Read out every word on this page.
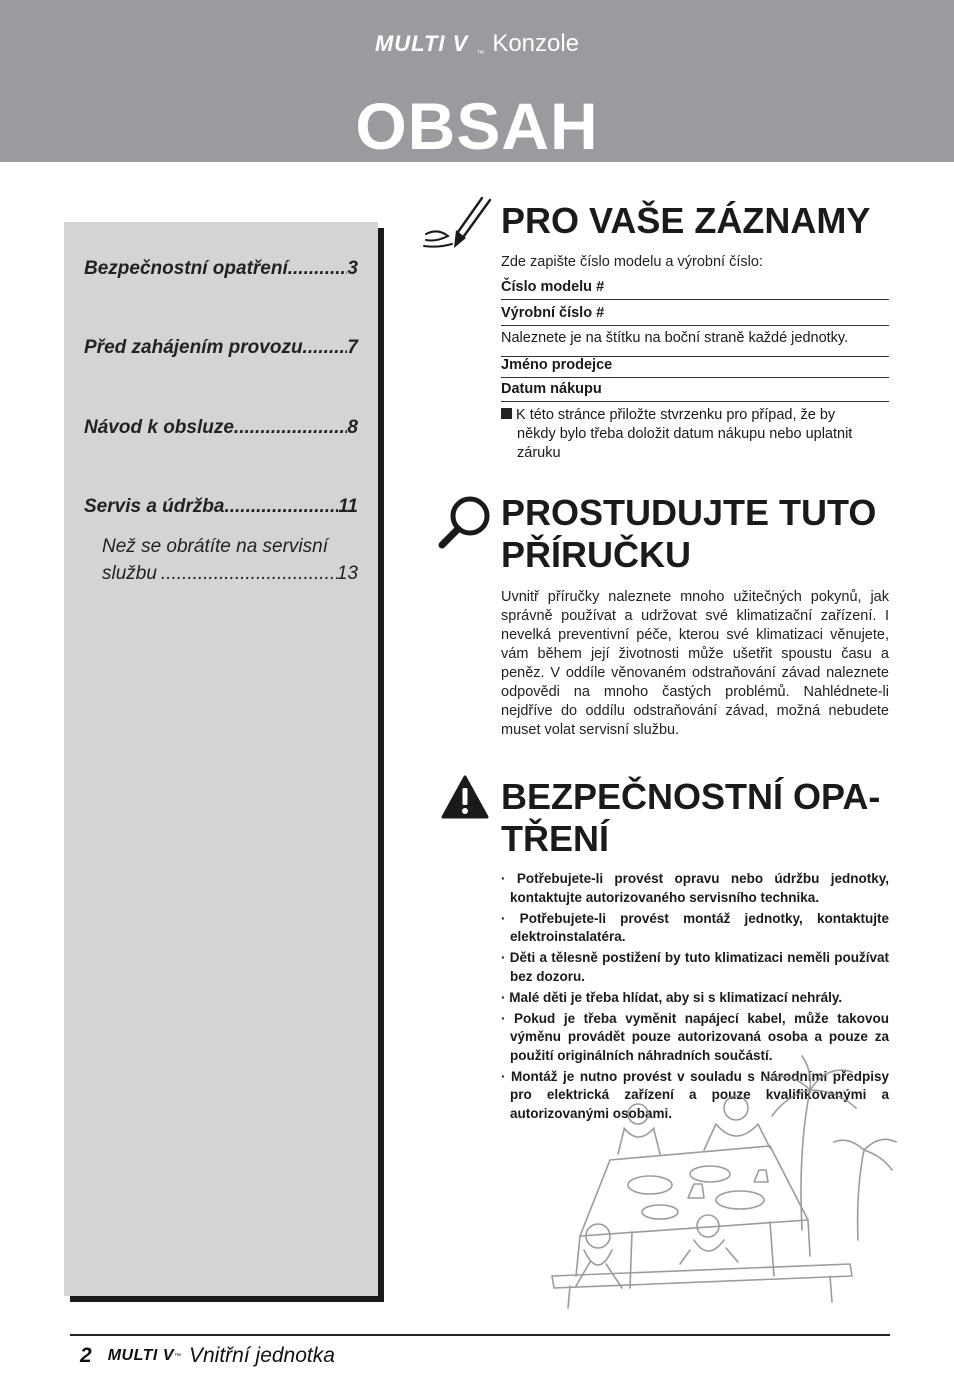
MULTI V ™ Konzole
OBSAH
Bezpečnostní opatření .....	3
Před zahájením provozu ..... 7
Návod k obsluze .....	8
Servis a údržba .....	11
Než se obrátíte na servisní
službu .....	13
PRO VAŠE ZÁZNAMY
Zde zapište číslo modelu a výrobní číslo:
Číslo modelu #
Výrobní číslo #
Naleznete je na štítku na boční straně každé jednotky.
Jméno prodejce
Datum nákupu
K této stránce přiložte stvrzenku pro případ, že by
někdy bylo třeba doložit datum nákupu nebo uplatnit
záruku
PROSTUDUJTE TUTO
PŘÍRUČKU
Uvnitř příručky naleznete mnoho užitečných pokynů, jak správně používat a udržovat své klimatizační zařízení. I nevelká preventivní péče, kterou své klimatizaci věnujete, vám během její životnosti může ušetřit spoustu času a peněz. V oddíle věnovaném odstraňování závad naleznete odpovědi na mnoho častých problémů. Nahlédnete-li nejdříve do oddílu odstraňování závad, možná nebudete muset volat servisní službu.
BEZPEČNOSTNÍ OPA-
TŘENÍ
· Potřebujete-li provést opravu nebo údržbu jednotky, kontaktujte autorizovaného servisního technika.
· Potřebujete-li provést montáž jednotky, kontaktujte elektroinstalatéra.
· Děti a tělesně postižení by tuto klimatizaci neměli používat bez dozoru.
· Malé děti je třeba hlídat, aby si s klimatizací nehrály.
· Pokud je třeba vyměnit napájecí kabel, může takovou výměnu provádět pouze autorizovaná osoba a pouze za použití originálních náhradních součástí.
· Montáž je nutno provést v souladu s Národními předpisy pro elektrická zařízení a pouze kvalifikovanými a autorizovanými osobami.
2 MULTI V ™ Vnitřní jednotka
